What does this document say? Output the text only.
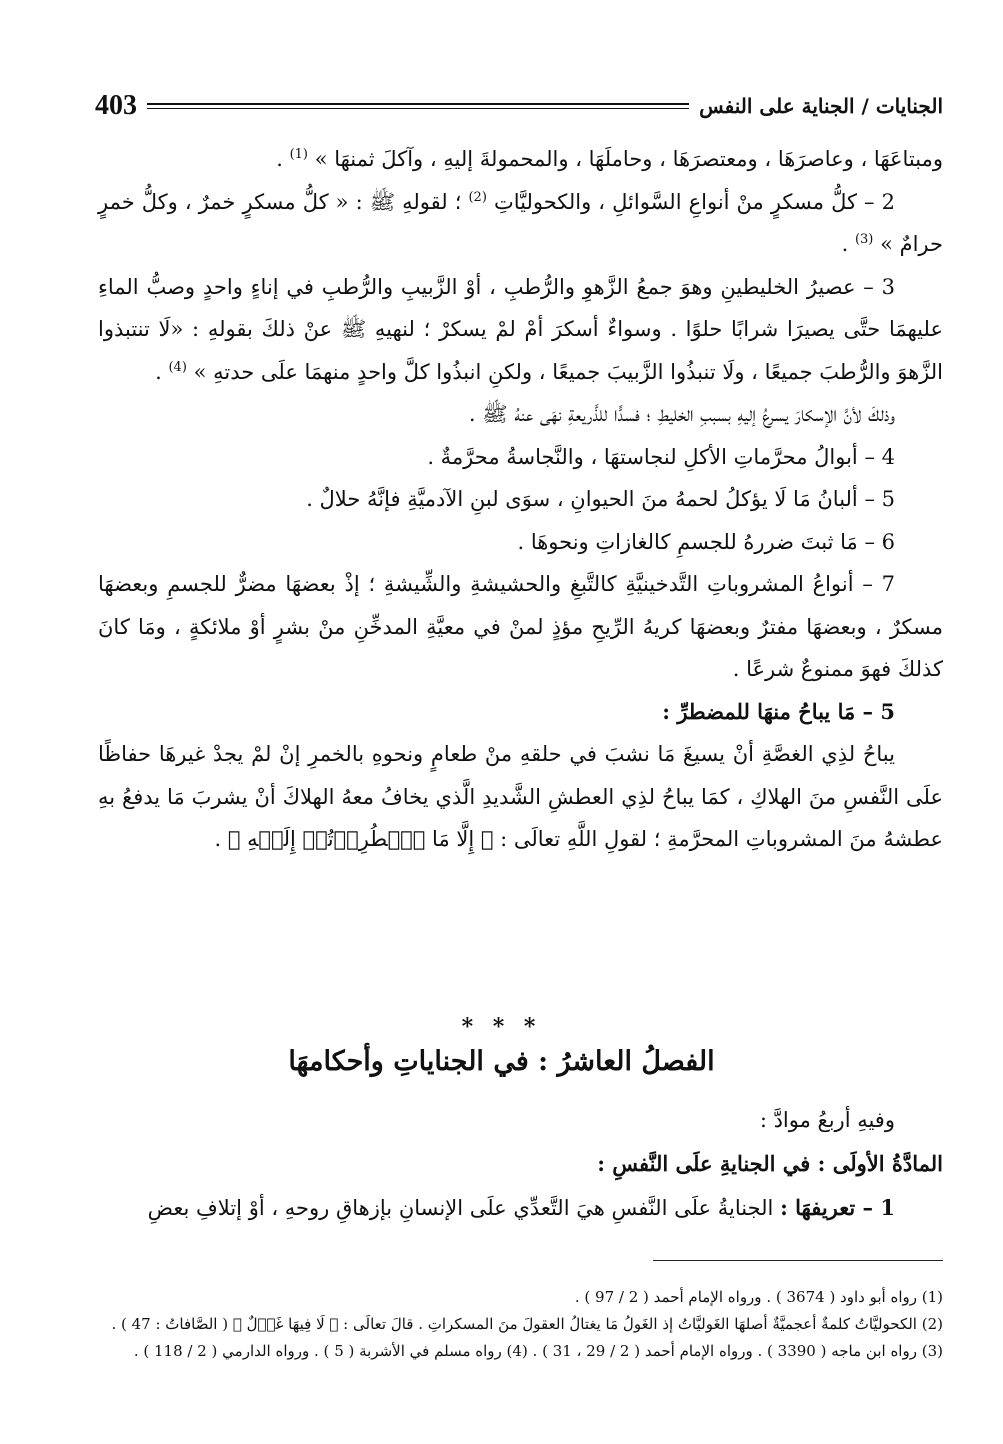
الجنايات / الجناية على النفس
403

ومبتاعَهَا ، وعاصرَهَا ، ومعتصرَهَا ، وحاملَهَا ، والمحمولةَ إليهِ ، وآكلَ ثمنهَا » $^{(1)}$ .

2 – كلُّ مسكرٍ منْ أنواعِ السَّوائلِ ، والكحوليَّاتِ $^{(2)}$ ؛ لقولهِ ﷺ : « كلُّ مسكرٍ خمرٌ ، وكلُّ خمرٍ حرامٌ » $^{(3)}$ .

3 – عصيرُ الخليطينِ وهوَ جمعُ الزَّهوِ والرُّطبِ ، أوْ الزَّبيبِ والرُّطبِ في إناءٍ واحدٍ وصبُّ الماءِ عليهمَا حتَّى يصيرَا شرابًا حلوًا . وسواءٌ أسكرَ أمْ لمْ يسكرْ ؛ لنهيهِ ﷺ عنْ ذلكَ بقولهِ : «لَا تنتبذوا الزَّهوَ والرُّطبَ جميعًا ، ولَا تنبذُوا الزَّبيبَ جميعًا ، ولكنِ انبذُوا كلَّ واحدٍ منهمَا علَى حدتهِ » $^{(4)}$ .

وذلكَ لأنَّ الإسكارَ يسرعُ إليهِ بسببِ الخليطِ ؛ فسدًّا للذَّريعةِ نهَى عنهُ ﷺ .

4 – أبوالُ محرَّماتِ الأكلِ لنجاستهَا ، والنَّجاسةُ محرَّمةٌ .

5 – ألبانُ مَا لَا يؤكلُ لحمهُ منَ الحيوانِ ، سوَى لبنِ الآدميَّةِ فإنَّهُ حلالٌ .

6 – مَا ثبتَ ضررهُ للجسمِ كالغازاتِ ونحوهَا .

7 – أنواعُ المشروباتِ التَّدخينيَّةِ كالتَّبغِ والحشيشةِ والشِّيشةِ ؛ إذْ بعضهَا مضرٌّ للجسمِ وبعضهَا مسكرٌ ، وبعضهَا مفترٌ وبعضهَا كريهُ الرِّيحِ مؤذٍ لمنْ في معيَّةِ المدخِّنِ منْ بشرٍ أوْ ملائكةٍ ، ومَا كانَ كذلكَ فهوَ ممنوعٌ شرعًا .

5 – مَا يباحُ منهَا للمضطرِّ :

يباحُ لذِي الغصَّةِ أنْ يسيغَ مَا نشبَ في حلقهِ منْ طعامٍ ونحوهِ بالخمرِ إنْ لمْ يجدْ غيرهَا حفاظًا علَى النَّفسِ منَ الهلاكِ ، كمَا يباحُ لذِي العطشِ الشَّديدِ الَّذي يخافُ معهُ الهلاكَ أنْ يشربَ مَا يدفعُ بهِ عطشهُ منَ المشروباتِ المحرَّمةِ ؛ لقولِ اللَّهِ تعالَى : ﴿ إِلَّا مَا ٱضۡطُرِرۡتُمۡ إِلَيۡهِ ﴾ .

* * *
الفصلُ العاشرُ : في الجناياتِ وأحكامهَا

وفيهِ أربعُ موادَّ :

المادَّةُ الأولَى : في الجنايةِ علَى النَّفسِ :

1 – تعريفهَا : الجنايةُ علَى النَّفسِ هيَ التَّعدِّي علَى الإنسانِ بإزهاقِ روحهِ ، أوْ إتلافِ بعضِ

(1) رواه أبو داود ( 3674 ) . ورواه الإمام أحمد ( 2 / 97 ) .

(2) الكحوليَّاتُ كلمةٌ أعجميَّةٌ أصلهَا الغَوليَّاتُ إذ الغَولُ مَا يغتالُ العقولَ منَ المسكراتِ . قالَ تعالَى : ﴿ لَا فِيهَا غَوۡلٌ ﴾ ( الصَّافاتُ : 47 ) .

(3) رواه ابن ماجه ( 3390 ) . ورواه الإمام أحمد ( 2 / 29 ، 31 ) . (4) رواه مسلم في الأشربة ( 5 ) . ورواه الدارمي ( 2 / 118 ) .
